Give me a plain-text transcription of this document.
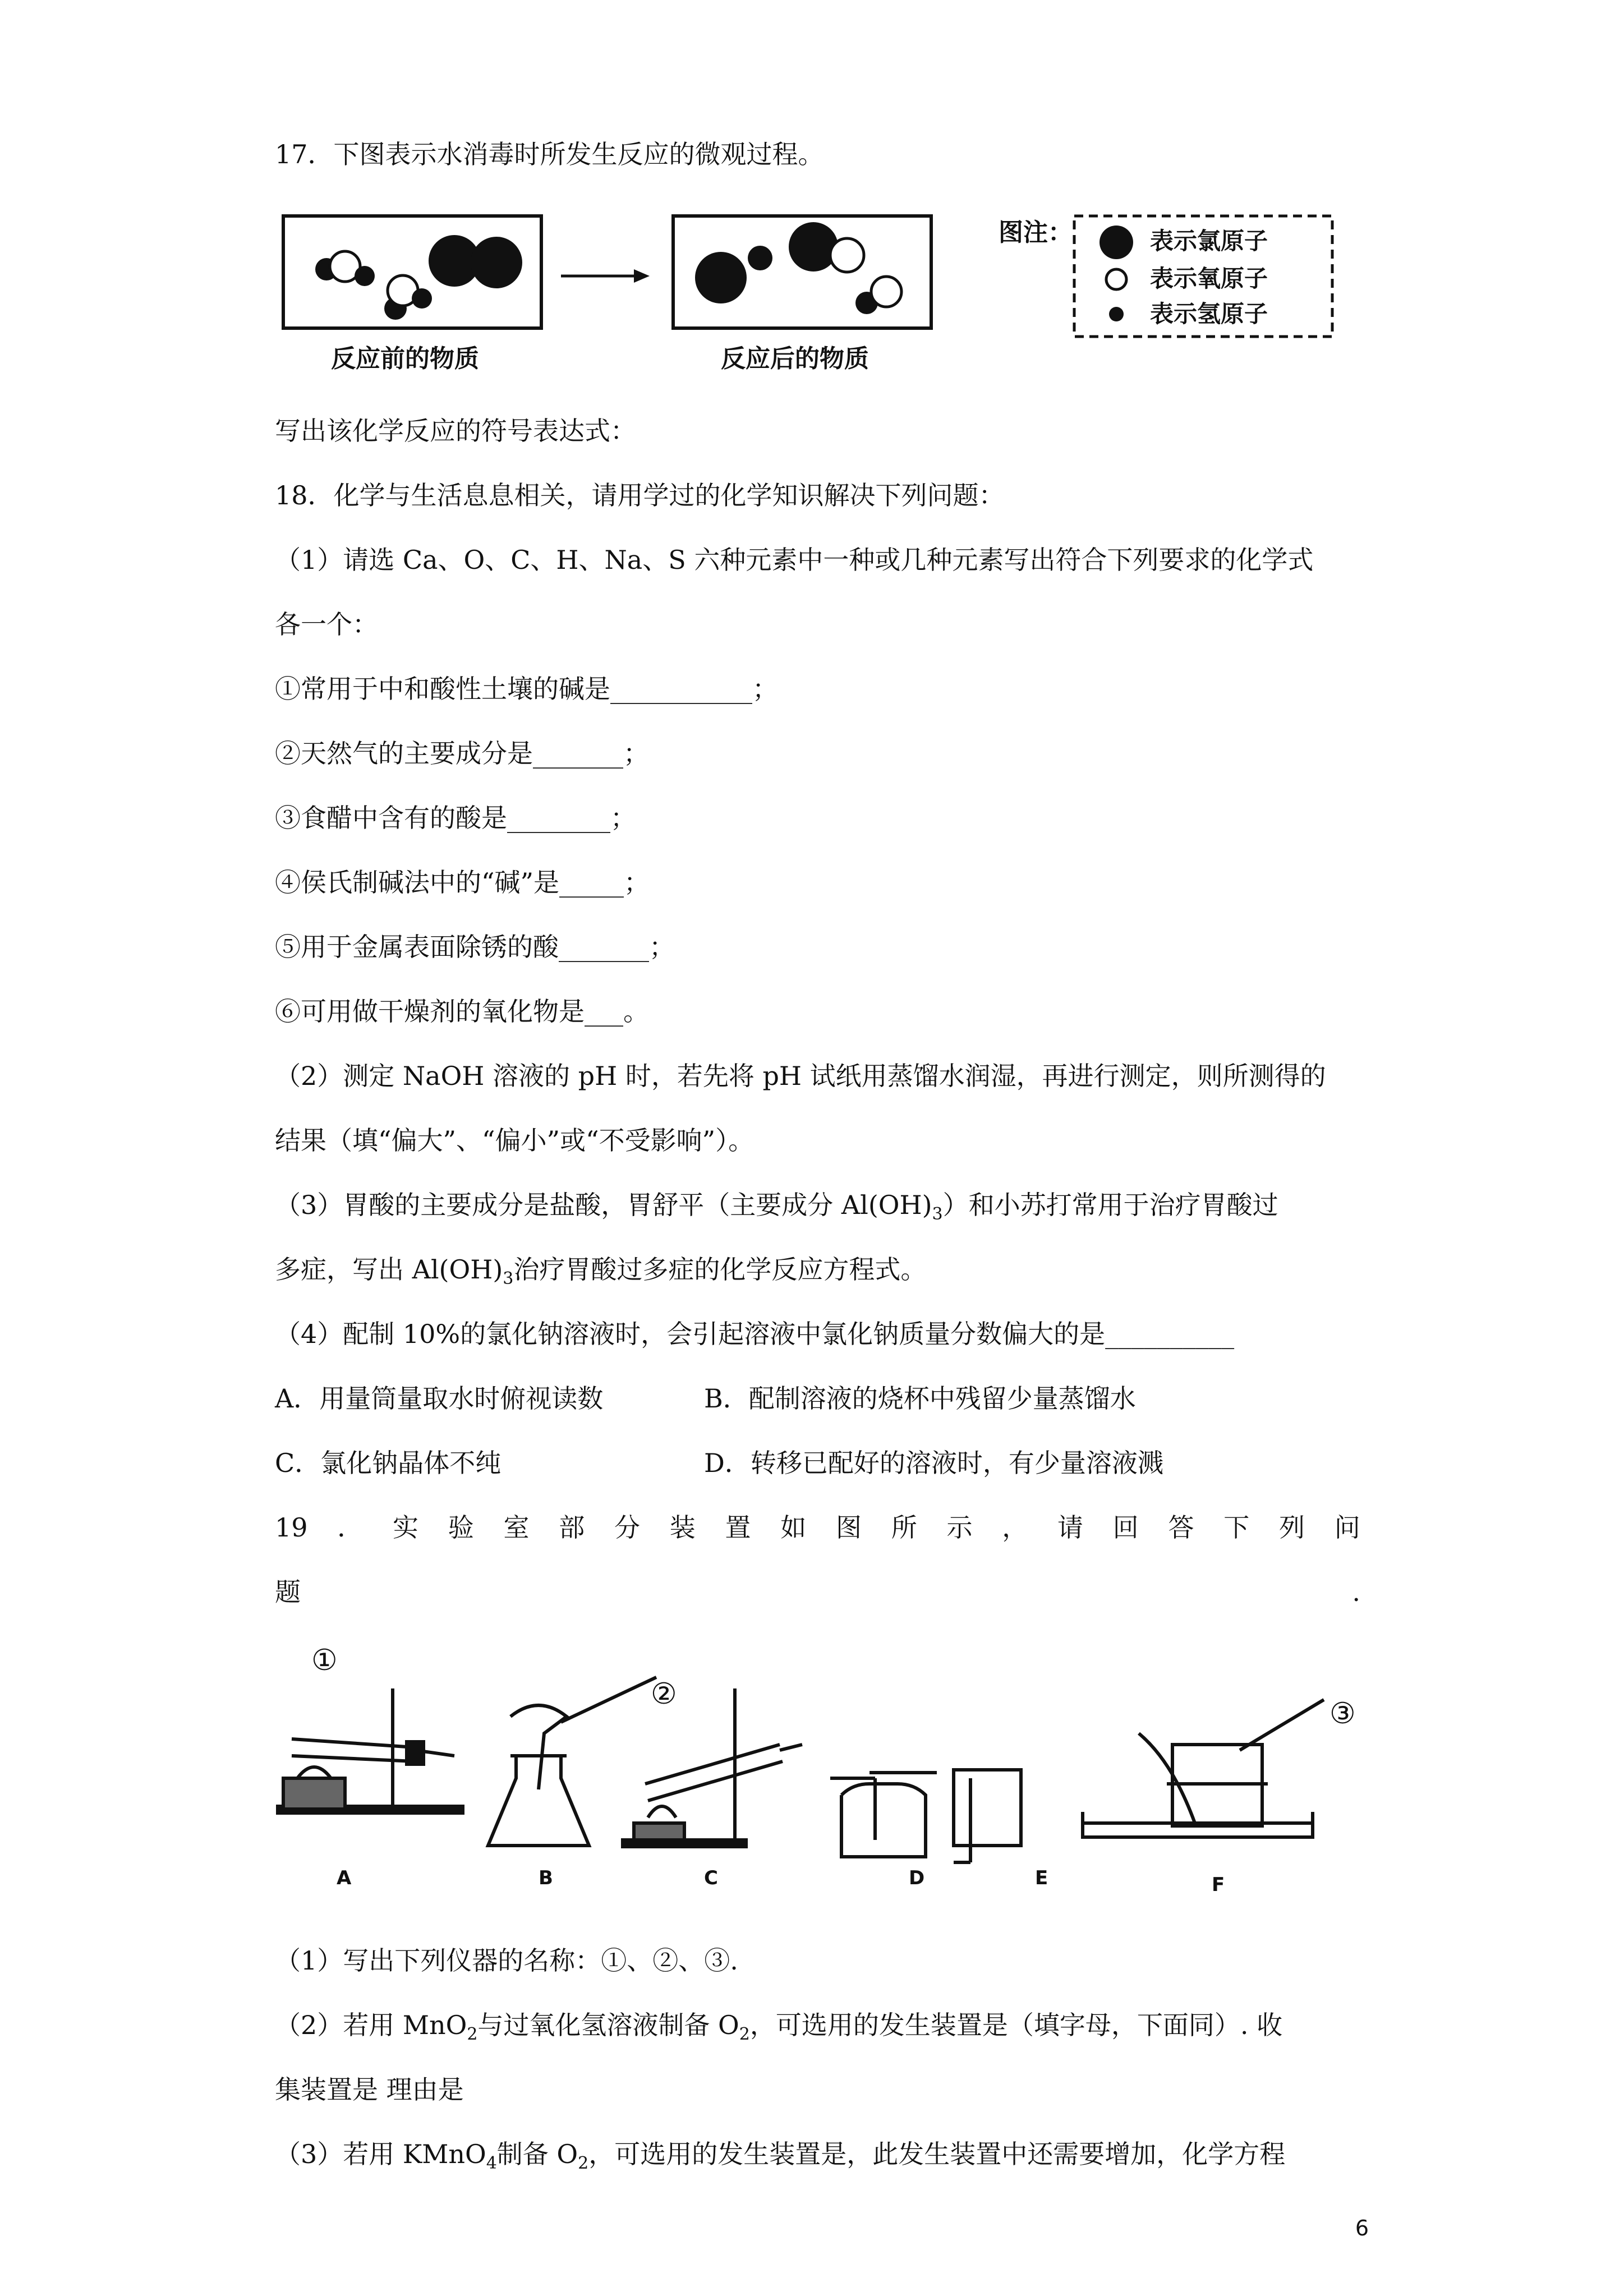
17．下图表示水消毒时所发生反应的微观过程。
反应前的物质	反应后的物质
图注：	表示氯原子
表示氧原子
表示氢原子
写出该化学反应的符号表达式：
18．化学与生活息息相关，请用学过的化学知识解决下列问题：
（1）请选 Ca、O、C、H、Na、S 六种元素中一种或几种元素写出符合下列要求的化学式
各一个：
①常用于中和酸性土壤的碱是___________；
②天然气的主要成分是_______；
③食醋中含有的酸是________；
④侯氏制碱法中的“碱”是_____；
⑤用于金属表面除锈的酸_______；
⑥可用做干燥剂的氧化物是___。
（2）测定 NaOH 溶液的 pH 时，若先将 pH 试纸用蒸馏水润湿，再进行测定，则所测得的
结果（填“偏大”、“偏小”或“不受影响”）。
（3）胃酸的主要成分是盐酸，胃舒平（主要成分 $Al(OH)_3$）和小苏打常用于治疗胃酸过
多症，写出 $Al(OH)_3$治疗胃酸过多症的化学反应方程式。
（4）配制 10%的氯化钠溶液时，会引起溶液中氯化钠质量分数偏大的是__________
A．用量筒量取水时俯视读数	B．配制溶液的烧杯中残留少量蒸馏水
C．氯化钠晶体不纯	D．转移已配好的溶液时，有少量溶液溅
19 ． 实 验 室 部 分 装 置 如 图 所 示 ， 请 回 答 下 列 问
题	.
①
②
③
A	B	C	D	E	F
（1）写出下列仪器的名称：①、②、③.
（2）若用 MnO$_2$与过氧化氢溶液制备 $O_2$，可选用的发生装置是（填字母，下面同）. 收
集装置是 理由是
（3）若用 KMnO$_4$制备 $O_2$，可选用的发生装置是，此发生装置中还需要增加，化学方程
6
